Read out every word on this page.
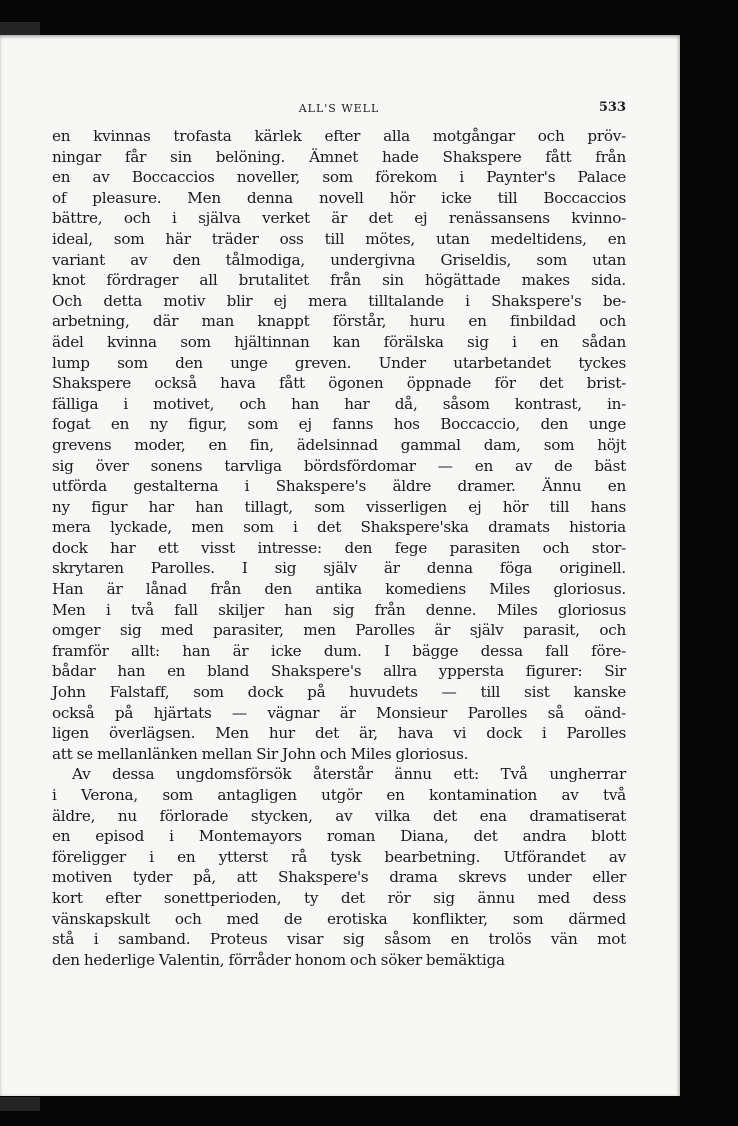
ALL'S WELL	533
en kvinnas trofasta kärlek efter alla motgångar och pröv-
ningar får sin belöning. Ämnet hade Shakspere fått från
en av Boccaccios noveller, som förekom i Paynter's Palace
of pleasure. Men denna novell hör icke till Boccaccios
bättre, och i själva verket är det ej renässansens kvinno-
ideal, som här träder oss till mötes, utan medeltidens, en
variant av den tålmodiga, undergivna Griseldis, som utan
knot fördrager all brutalitet från sin högättade makes sida.
Och detta motiv blir ej mera tilltalande i Shakspere's be-
arbetning, där man knappt förstår, huru en finbildad och
ädel kvinna som hjältinnan kan förälska sig i en sådan
lump som den unge greven. Under utarbetandet tyckes
Shakspere också hava fått ögonen öppnade för det brist-
fälliga i motivet, och han har då, såsom kontrast, in-
fogat en ny figur, som ej fanns hos Boccaccio, den unge
grevens moder, en fin, ädelsinnad gammal dam, som höjt
sig över sonens tarvliga bördsfördomar — en av de bäst
utförda gestalterna i Shakspere's äldre dramer. Ännu en
ny figur har han tillagt, som visserligen ej hör till hans
mera lyckade, men som i det Shakspere'ska dramats historia
dock har ett visst intresse: den fege parasiten och stor-
skrytaren Parolles. I sig själv är denna föga originell.
Han är lånad från den antika komediens Miles gloriosus.
Men i två fall skiljer han sig från denne. Miles gloriosus
omger sig med parasiter, men Parolles är själv parasit, och
framför allt: han är icke dum. I bägge dessa fall före-
bådar han en bland Shakspere's allra yppersta figurer: Sir
John Falstaff, som dock på huvudets — till sist kanske
också på hjärtats — vägnar är Monsieur Parolles så oänd-
ligen överlägsen. Men hur det är, hava vi dock i Parolles
att se mellanlänken mellan Sir John och Miles gloriosus.
Av dessa ungdomsförsök återstår ännu ett: Två ungherrar
i Verona, som antagligen utgör en kontamination av två
äldre, nu förlorade stycken, av vilka det ena dramatiserat
en episod i Montemayors roman Diana, det andra blott
föreligger i en ytterst rå tysk bearbetning. Utförandet av
motiven tyder på, att Shakspere's drama skrevs under eller
kort efter sonettperioden, ty det rör sig ännu med dess
vänskapskult och med de erotiska konflikter, som därmed
stå i samband. Proteus visar sig såsom en trolös vän mot
den hederlige Valentin, förråder honom och söker bemäktiga
